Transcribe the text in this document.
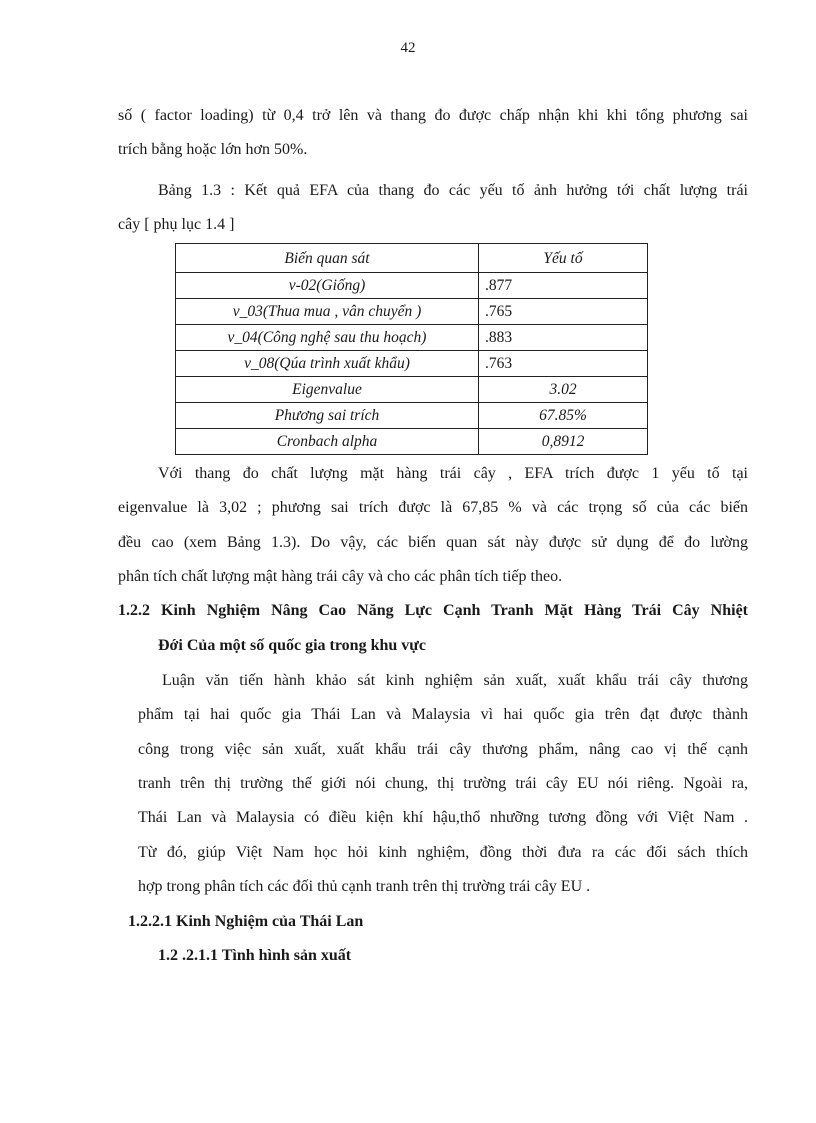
42
số ( factor loading) từ 0,4 trở lên và thang đo được chấp nhận khi khi tổng phương sai
trích bằng hoặc lớn hơn 50%.
Bảng 1.3 : Kết quả EFA của thang đo các yếu tố ảnh hưởng tới chất lượng trái
cây [ phụ lục 1.4 ]
Biến quan sát	Yếu tố
v-02(Giống)	.877
v_03(Thua mua , vân chuyển )	.765
v_04(Công nghệ sau thu hoạch)	.883
v_08(Qúa trình xuất khẩu)	.763
Eigenvalue	3.02
Phương sai trích	67.85%
Cronbach alpha	0,8912
Với thang đo chất lượng mặt hàng trái cây , EFA trích được 1 yếu tố tại
eigenvalue là 3,02 ; phương sai trích được là 67,85 % và các trọng số của các biến
đều cao (xem Bảng 1.3). Do vậy, các biến quan sát này được sử dụng để đo lường
phân tích chất lượng mật hàng trái cây và cho các phân tích tiếp theo.
1.2.2 Kinh Nghiệm Nâng Cao Năng Lực Cạnh Tranh Mặt Hàng Trái Cây Nhiệt
Đới Của một số quốc gia trong khu vực
Luận văn tiến hành khảo sát kinh nghiệm sản xuất, xuất khẩu trái cây thương
phẩm tại hai quốc gia Thái Lan và Malaysia vì hai quốc gia trên đạt được thành
công trong việc sản xuất, xuất khẩu trái cây thương phẩm, nâng cao vị thế cạnh
tranh trên thị trường thế giới nói chung, thị trường trái cây EU nói riêng. Ngoài ra,
Thái Lan và Malaysia có điều kiện khí hậu,thổ nhưỡng tương đồng với Việt Nam .
Từ đó, giúp Việt Nam học hỏi kinh nghiệm, đồng thời đưa ra các đối sách thích
hợp trong phân tích các đối thủ cạnh tranh trên thị trường trái cây EU .
1.2.2.1 Kinh Nghiệm của Thái Lan
1.2 .2.1.1 Tình hình sản xuất
